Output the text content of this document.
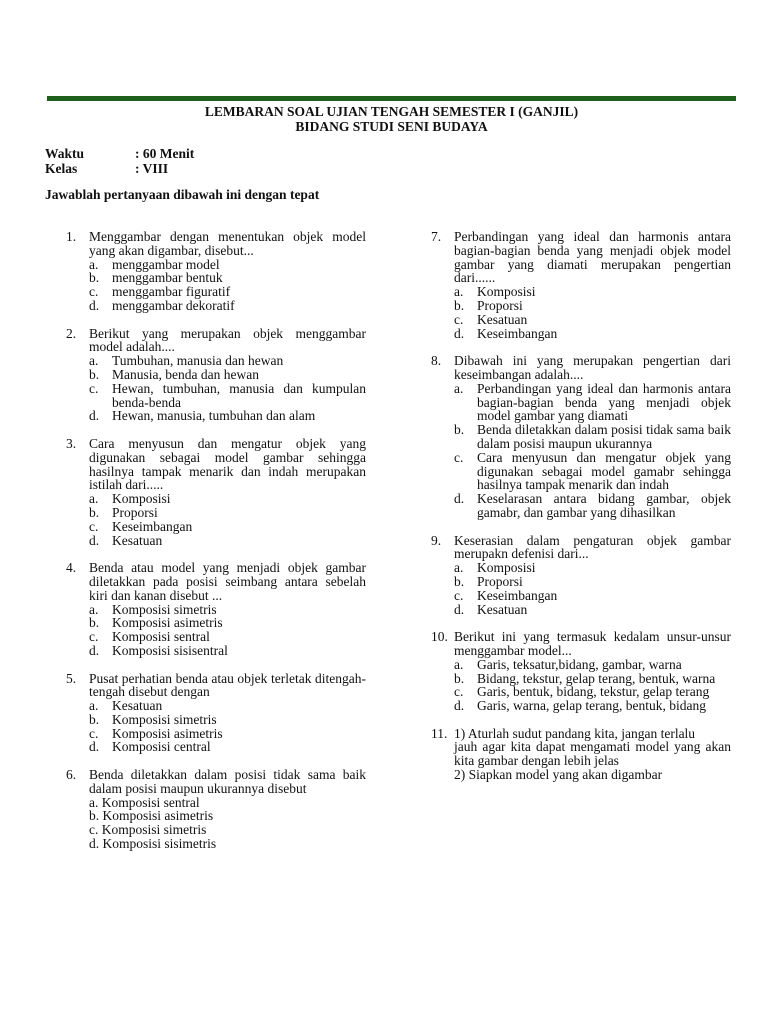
LEMBARAN SOAL UJIAN TENGAH SEMESTER I (GANJIL)
BIDANG STUDI SENI BUDAYA
Waktu	: 60 Menit
Kelas	: VIII
Jawablah pertanyaan dibawah ini dengan tepat
1. Menggambar dengan menentukan objek model yang akan digambar, disebut...
a.	menggambar model
b. menggambar bentuk
c.	menggambar figuratif
d. menggambar dekoratif
2. Berikut yang merupakan objek menggambar model adalah....
a.	Tumbuhan, manusia dan hewan
b. Manusia, benda dan hewan
c.	Hewan, tumbuhan, manusia dan kumpulan benda-benda
d. Hewan, manusia, tumbuhan dan alam
3. Cara menyusun dan mengatur objek yang digunakan sebagai model gambar sehingga hasilnya tampak menarik dan indah merupakan istilah dari.....
a.	Komposisi
b. Proporsi
c.	Keseimbangan
d. Kesatuan
4. Benda atau model yang menjadi objek gambar diletakkan pada posisi seimbang antara sebelah kiri dan kanan disebut ...
a.	Komposisi simetris
b. Komposisi asimetris
c.	Komposisi sentral
d. Komposisi sisisentral
5. Pusat perhatian benda atau objek terletak ditengah-tengah disebut dengan
a.	Kesatuan
b. Komposisi simetris
c.	Komposisi asimetris
d. Komposisi central
6. Benda diletakkan dalam posisi tidak sama baik dalam posisi maupun ukurannya disebut
a. Komposisi sentral
b. Komposisi asimetris
c. Komposisi simetris
d. Komposisi sisimetris
7. Perbandingan yang ideal dan harmonis antara bagian-bagian benda yang menjadi objek model gambar yang diamati merupakan pengertian dari......
a.	Komposisi
b. Proporsi
c.	Kesatuan
d. Keseimbangan
8. Dibawah ini yang merupakan pengertian dari keseimbangan adalah....
a.	Perbandingan yang ideal dan harmonis antara bagian-bagian benda yang menjadi objek model gambar yang diamati
b. Benda diletakkan dalam posisi tidak sama baik dalam posisi maupun ukurannya
c.	Cara menyusun dan mengatur objek yang digunakan sebagai model gamabr sehingga hasilnya tampak menarik dan indah
d. Keselarasan antara bidang gambar, objek gamabr, dan gambar yang dihasilkan
9. Keserasian dalam pengaturan objek gambar merupakn defenisi dari...
a.	Komposisi
b. Proporsi
c.	Keseimbangan
d. Kesatuan
10. Berikut ini yang termasuk kedalam unsur-unsur menggambar model...
a.	Garis, teksatur,bidang, gambar, warna
b. Bidang, tekstur, gelap terang, bentuk, warna
c.	Garis, bentuk, bidang, tekstur, gelap terang
d. Garis, warna, gelap terang, bentuk, bidang
11. 1) Aturlah sudut pandang kita, jangan terlalu
jauh agar kita dapat mengamati model yang akan kita gambar dengan lebih jelas
2) Siapkan model yang akan digambar
